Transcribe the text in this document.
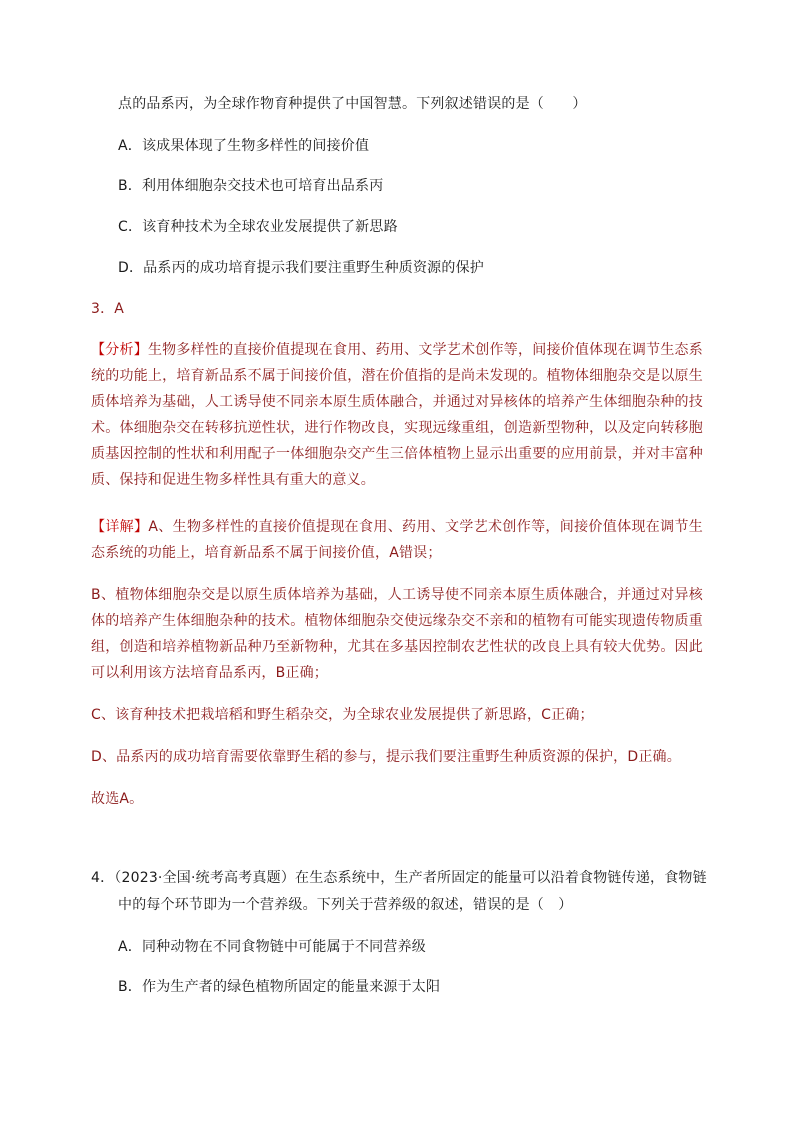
点的品系丙，为全球作物育种提供了中国智慧。下列叙述错误的是（　　）
A．该成果体现了生物多样性的间接价值
B．利用体细胞杂交技术也可培育出品系丙
C．该育种技术为全球农业发展提供了新思路
D．品系丙的成功培育提示我们要注重野生种质资源的保护
3．A
【分析】生物多样性的直接价值提现在食用、药用、文学艺术创作等，间接价值体现在调节生态系统的功能上，培育新品系不属于间接价值，潜在价值指的是尚未发现的。植物体细胞杂交是以原生质体培养为基础，人工诱导使不同亲本原生质体融合，并通过对异核体的培养产生体细胞杂种的技术。体细胞杂交在转移抗逆性状，进行作物改良，实现远缘重组，创造新型物种，以及定向转移胞质基因控制的性状和利用配子一体细胞杂交产生三倍体植物上显示出重要的应用前景，并对丰富种质、保持和促进生物多样性具有重大的意义。
【详解】A、生物多样性的直接价值提现在食用、药用、文学艺术创作等，间接价值体现在调节生态系统的功能上，培育新品系不属于间接价值，A错误；
B、植物体细胞杂交是以原生质体培养为基础，人工诱导使不同亲本原生质体融合，并通过对异核体的培养产生体细胞杂种的技术。植物体细胞杂交使远缘杂交不亲和的植物有可能实现遗传物质重组，创造和培养植物新品种乃至新物种，尤其在多基因控制农艺性状的改良上具有较大优势。因此可以利用该方法培育品系丙，B正确；
C、该育种技术把栽培稻和野生稻杂交，为全球农业发展提供了新思路，C正确；
D、品系丙的成功培育需要依靠野生稻的参与，提示我们要注重野生种质资源的保护，D正确。
故选A。
4．（2023·全国·统考高考真题）在生态系统中，生产者所固定的能量可以沿着食物链传递，食物链
中的每个环节即为一个营养级。下列关于营养级的叙述，错误的是（　）
A．同种动物在不同食物链中可能属于不同营养级
B．作为生产者的绿色植物所固定的能量来源于太阳
